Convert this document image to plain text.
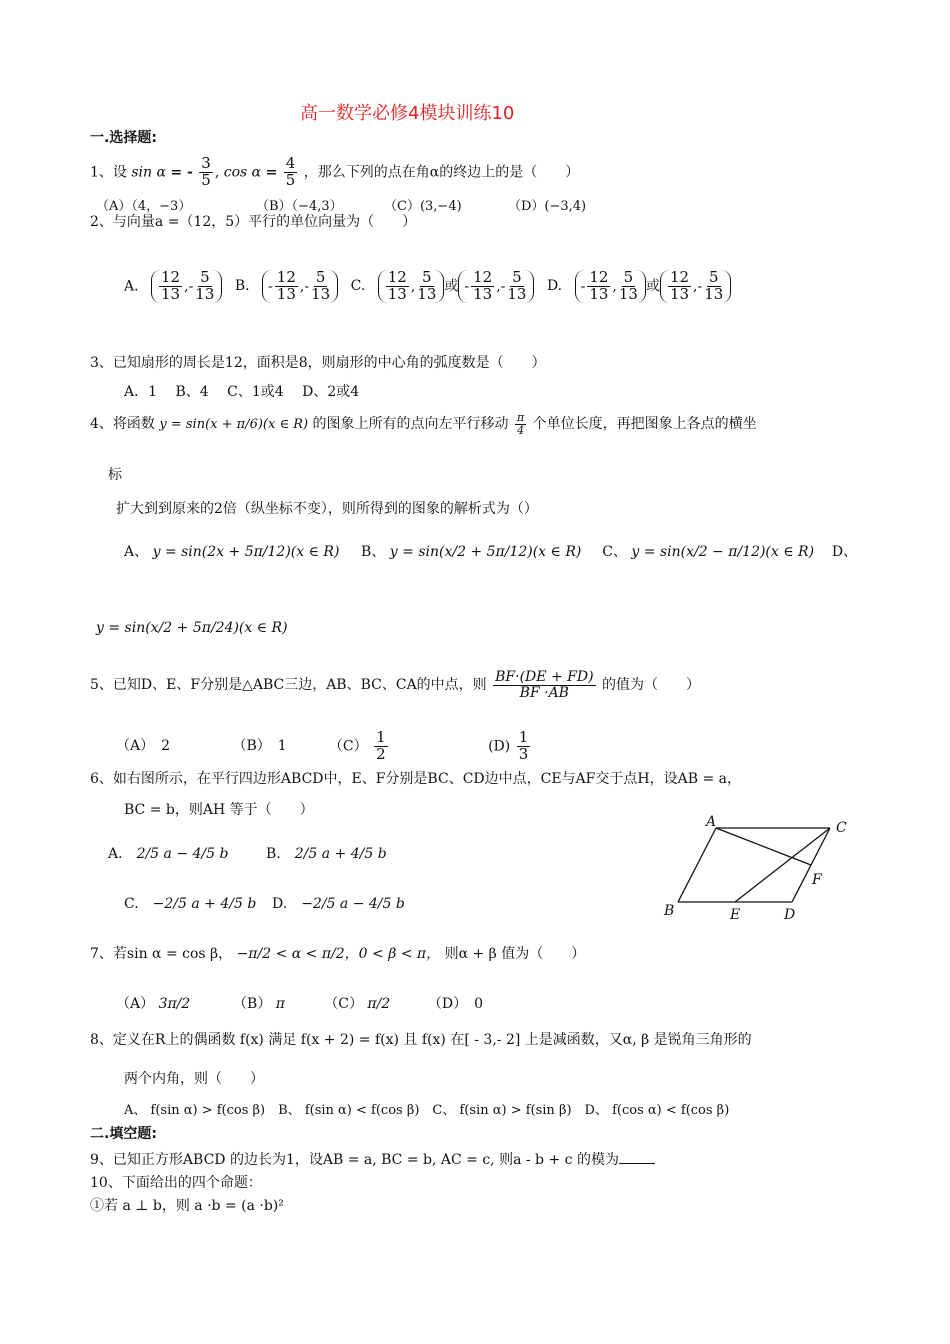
高一数学必修4模块训练10
一.选择题:
1、设 sin α = - $\frac{3}{5}$ , $\cos \alpha = \frac{4}{5}$ ，那么下列的点在角α的终边上的是（　　）
（A）（4，−3）	（B）（−4,3）	（C）(3,−4)	（D）(−3,4)
2、与向量a =（12，5）平行的单位向量为（　　）
A. $\frac{12}{13}$ ,- $\frac{5}{13} B$. - $\frac{12}{13}$ ,- $\frac{5}{13} C$. $\frac{12}{13}$ , $\frac{5}{13}$ 或 - $\frac{12}{13}$ ,- $\frac{5}{13} D$. - $\frac{12}{13}$ , $\frac{5}{13}$ 或 $\frac{12}{13}$ ,- $\frac{5}{13}$
3、已知扇形的周长是12，面积是8，则扇形的中心角的弧度数是（　　）
A．1　 B、4　 C、1或4　 D、2或4
4、将函数 y = sin(x + π/6)(x ∈ R) 的图象上所有的点向左平行移动 $\frac{\pi}{4}$ 个单位长度，再把图象上各点的横坐
标
扩大到到原来的2倍（纵坐标不变），则所得到的图象的解析式为（）
A、 y = sin(2x + 5π/12)(x ∈ R) B、 y = sin(x/2 + 5π/12)(x ∈ R) C、 y = sin(x/2 − π/12)(x ∈ R) D、
y = sin(x/2 + 5π/24)(x ∈ R)
5、已知D、E、F分别是△ABC三边，AB、BC、CA的中点，则 $\frac{BF\cdot(DE + FD)}{BF \cdot AB}$ 的值为（　　）
（A）　2	（B）　1	$(C) \frac{1}{2}$	$(D) \frac{1}{3}$
6、如右图所示，在平行四边形ABCD中，E、F分别是BC、CD边中点，CE与AF交于点H，设AB = a，
BC = b，则AH 等于（　　）
A.　 2/5 a − 4/5 b	B.　 2/5 a + 4/5 b
C.　 −2/5 a + 4/5 b D.　 −2/5 a − 4/5 b
A	C
F
B	E	D
7、若sin α = cos β， −π/2 < α < π/2，0 < β < π， 则α + β 值为（　　）
（A） 3π/2	（B） π	（C） π/2	（D）　0
8、定义在R上的偶函数 f(x) 满足 f(x + 2) = f(x) 且 f(x) 在[ - 3,- 2] 上是减函数，又α, β 是锐角三角形的
两个内角，则（　　）
A、 f(sin α) > f(cos β)　B、 f(sin α) < f(cos β)　C、 f(sin α) > f(sin β)　D、 f(cos α) < f(cos β)
二.填空题:
9、已知正方形ABCD 的边长为1，设AB = a, BC = b, AC = c, 则a - b + c 的模为
10、下面给出的四个命题：
①若 a ⊥ b，则 a ·b = (a ·b)²
